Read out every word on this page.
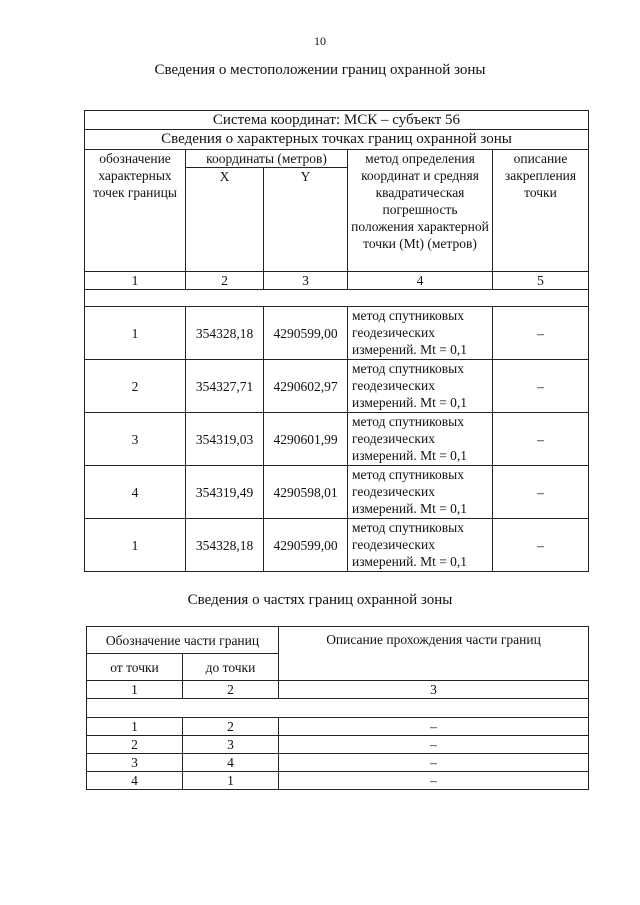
10
Сведения о местоположении границ охранной зоны
Система координат: МСК – субъект 56				
Сведения о характерных точках границ охранной зоны				
обозначение характерных точек границы	координаты (метров)		метод определения координат и средняя квадратическая погрешность положения характерной точки (Мt) (метров)	описание закрепления точки
	X	Y		
1	2	3	4	5

1	354328,18	4290599,00	метод спутниковых геодезических измерений. Мt = 0,1	–
2	354327,71	4290602,97	метод спутниковых геодезических измерений. Мt = 0,1	–
3	354319,03	4290601,99	метод спутниковых геодезических измерений. Мt = 0,1	–
4	354319,49	4290598,01	метод спутниковых геодезических измерений. Мt = 0,1	–
1	354328,18	4290599,00	метод спутниковых геодезических измерений. Мt = 0,1	–
Сведения о частях границ охранной зоны
Обозначение части границ		Описание прохождения части границ
от точки	до точки	
1	2	3

1	2	–
2	3	–
3	4	–
4	1	–
